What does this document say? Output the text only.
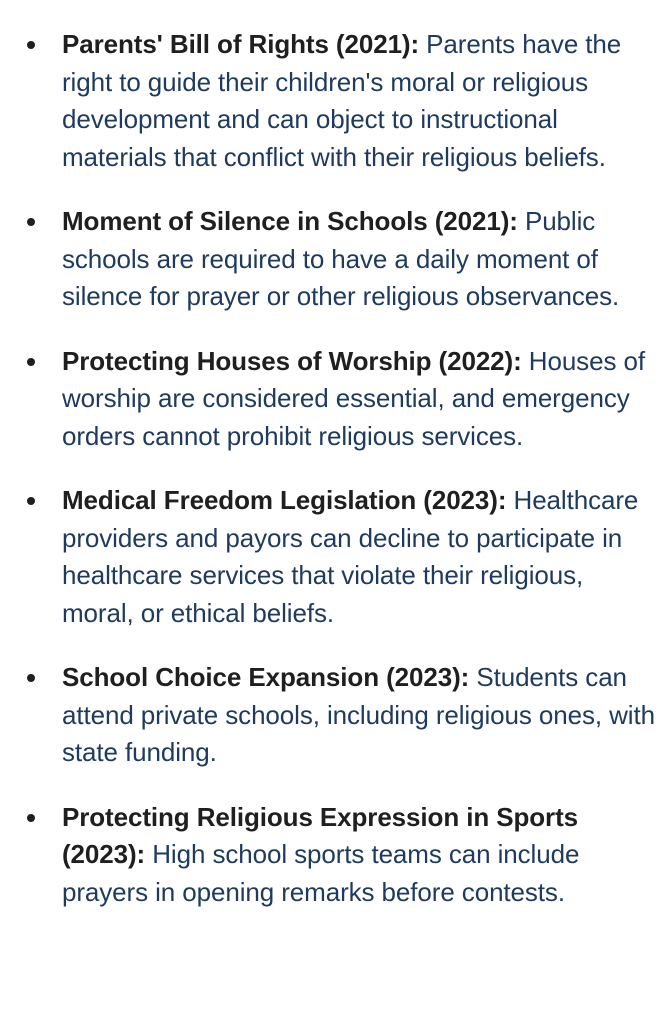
Parents' Bill of Rights (2021): Parents have the right to guide their children's moral or religious development and can object to instructional materials that conflict with their religious beliefs.
Moment of Silence in Schools (2021): Public schools are required to have a daily moment of silence for prayer or other religious observances.
Protecting Houses of Worship (2022): Houses of worship are considered essential, and emergency orders cannot prohibit religious services.
Medical Freedom Legislation (2023): Healthcare providers and payors can decline to participate in healthcare services that violate their religious, moral, or ethical beliefs.
School Choice Expansion (2023): Students can attend private schools, including religious ones, with state funding.
Protecting Religious Expression in Sports (2023): High school sports teams can include prayers in opening remarks before contests.
